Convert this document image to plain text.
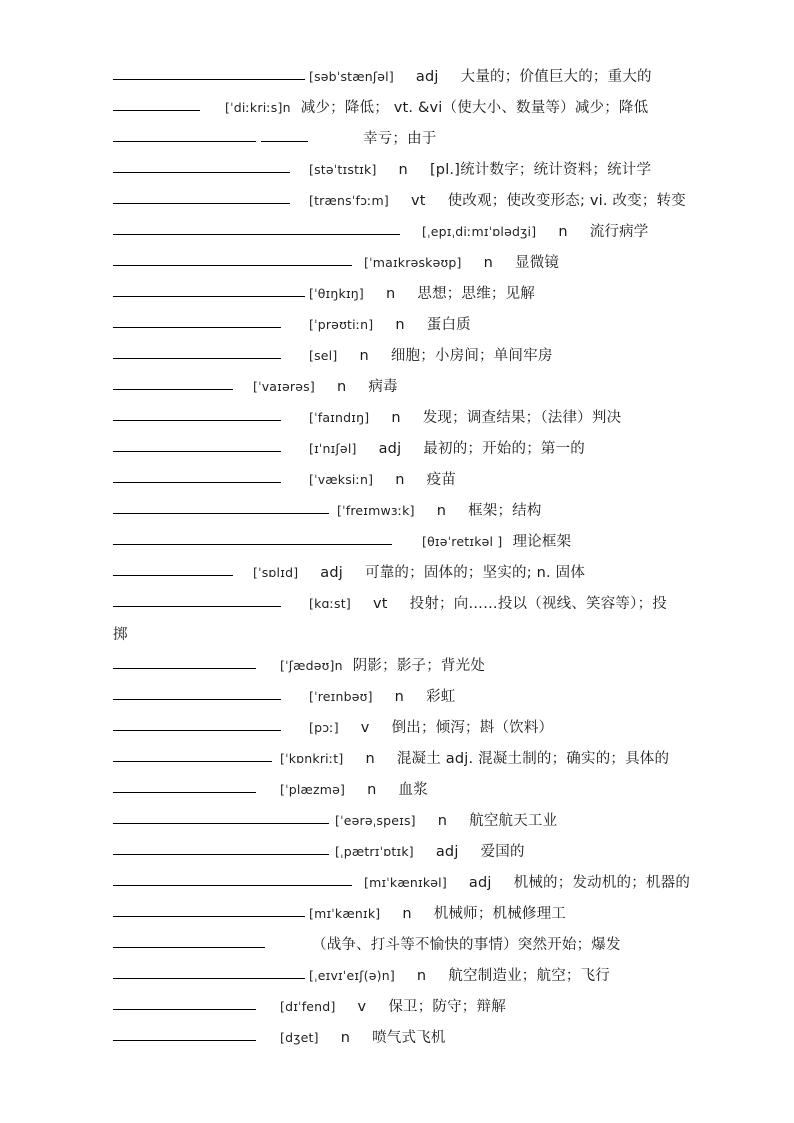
[səbˈstænʃəl] adj 大量的；价值巨大的；重大的
[ˈdiːkriːs]n 减少；降低； vt. &vi（使大小、数量等）减少；降低
幸亏；由于
[stəˈtɪstɪk] n [pl.]统计数字；统计资料；统计学
[trænsˈfɔːm] vt 使改观；使改变形态; vi. 改变；转变
[ˌepɪˌdiːmɪˈɒlədʒi] n 流行病学
[ˈmaɪkrəskəʊp] n 显微镜
[ˈθɪŋkɪŋ] n 思想；思维；见解
[ˈprəʊtiːn] n 蛋白质
[sel] n 细胞；小房间；单间牢房
[ˈvaɪərəs] n 病毒
[ˈfaɪndɪŋ] n 发现；调查结果；（法律）判决
[ɪˈnɪʃəl] adj 最初的；开始的；第一的
[ˈvæksiːn] n 疫苗
[ˈfreɪmwɜːk] n 框架；结构
[θɪəˈretɪkəl ] 理论框架
[ˈsɒlɪd] adj 可靠的；固体的；坚实的; n. 固体
[kɑːst] vt 投射；向……投以（视线、笑容等）；投
掷
[ˈʃædəʊ]n 阴影；影子；背光处
[ˈreɪnbəʊ] n 彩虹
[pɔː] v 倒出；倾泻；斟（饮料）
[ˈkɒnkriːt] n 混凝土 adj. 混凝土制的；确实的；具体的
[ˈplæzmə] n 血浆
[ˈeərəˌspeɪs] n 航空航天工业
[ˌpætrɪˈɒtɪk] adj 爱国的
[mɪˈkænɪkəl] adj 机械的；发动机的；机器的
[mɪˈkænɪk] n 机械师；机械修理工
（战争、打斗等不愉快的事情）突然开始；爆发
[ˌeɪvɪˈeɪʃ(ə)n] n 航空制造业；航空；飞行
[dɪˈfend] v 保卫；防守；辩解
[dʒet] n 喷气式飞机
